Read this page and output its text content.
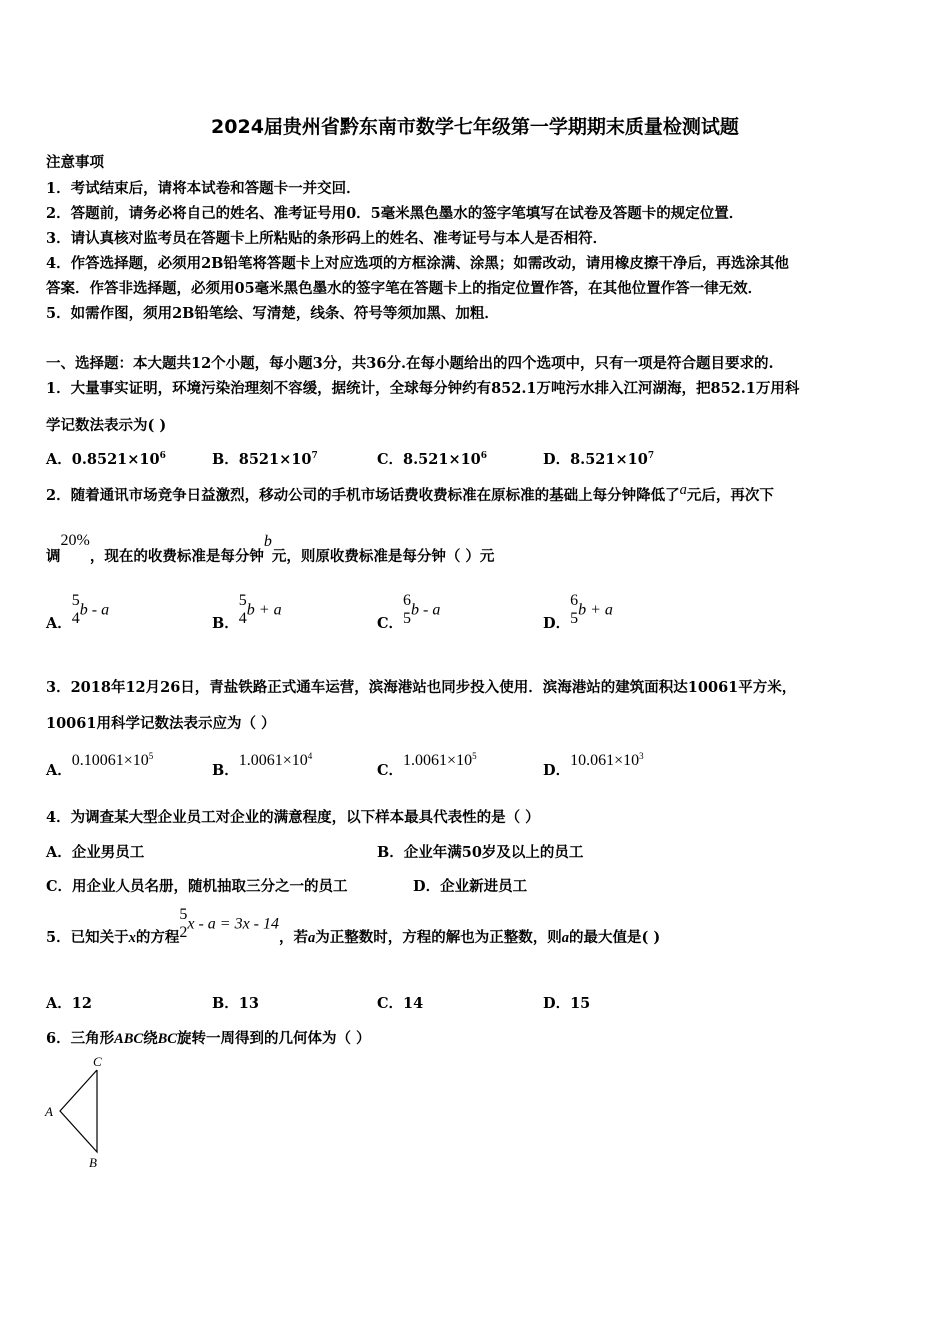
2024届贵州省黔东南市数学七年级第一学期期末质量检测试题
注意事项
1．考试结束后，请将本试卷和答题卡一并交回．
2．答题前，请务必将自己的姓名、准考证号用0．5毫米黑色墨水的签字笔填写在试卷及答题卡的规定位置．
3．请认真核对监考员在答题卡上所粘贴的条形码上的姓名、准考证号与本人是否相符．
4．作答选择题，必须用2B铅笔将答题卡上对应选项的方框涂满、涂黑；如需改动，请用橡皮擦干净后，再选涂其他
答案．作答非选择题，必须用05毫米黑色墨水的签字笔在答题卡上的指定位置作答，在其他位置作答一律无效．
5．如需作图，须用2B铅笔绘、写清楚，线条、符号等须加黑、加粗．
一、选择题：本大题共12个小题，每小题3分，共36分.在每小题给出的四个选项中，只有一项是符合题目要求的.
1．大量事实证明，环境污染治理刻不容缓，据统计，全球每分钟约有852.1万吨污水排入江河湖海，把852.1万用科
学记数法表示为( )
A．$0.8521\times 10^6$	B．$8521\times 10^7$	C．$8.521\times 10^6$	D．$8.521\times 10^7$
2．随着通讯市场竞争日益激烈，移动公司的手机市场话费收费标准在原标准的基础上每分钟降低了a元后，再次下
调20%，现在的收费标准是每分钟b元，则原收费标准是每分钟（ ）元
A．
5
4
b - a
B．
5
4
b + a
C．
6
5
b - a
D．
6
5
b + a
3．2018年12月26日，青盐铁路正式通车运营，滨海港站也同步投入使用．滨海港站的建筑面积达10061平方米，
10061用科学记数法表示应为（ ）
A．$0.10061\times 10^5$
B．$1.0061\times 10^4$
C．$1.0061\times 10^5$
D．$10.061\times 10^3$
4．为调查某大型企业员工对企业的满意程度，以下样本最具代表性的是（ ）
A．企业男员工	B．企业年满50岁及以上的员工
C．用企业人员名册，随机抽取三分之一的员工	D．企业新进员工
5．已知关于x的方程
5
2
x - a = 3x - 14，若a为正整数时，方程的解也为正整数，则a的最大值是( )
A．12	B．13	C．14	D．15
6．三角形ABC绕BC旋转一周得到的几何体为（ ）
C
A
B
